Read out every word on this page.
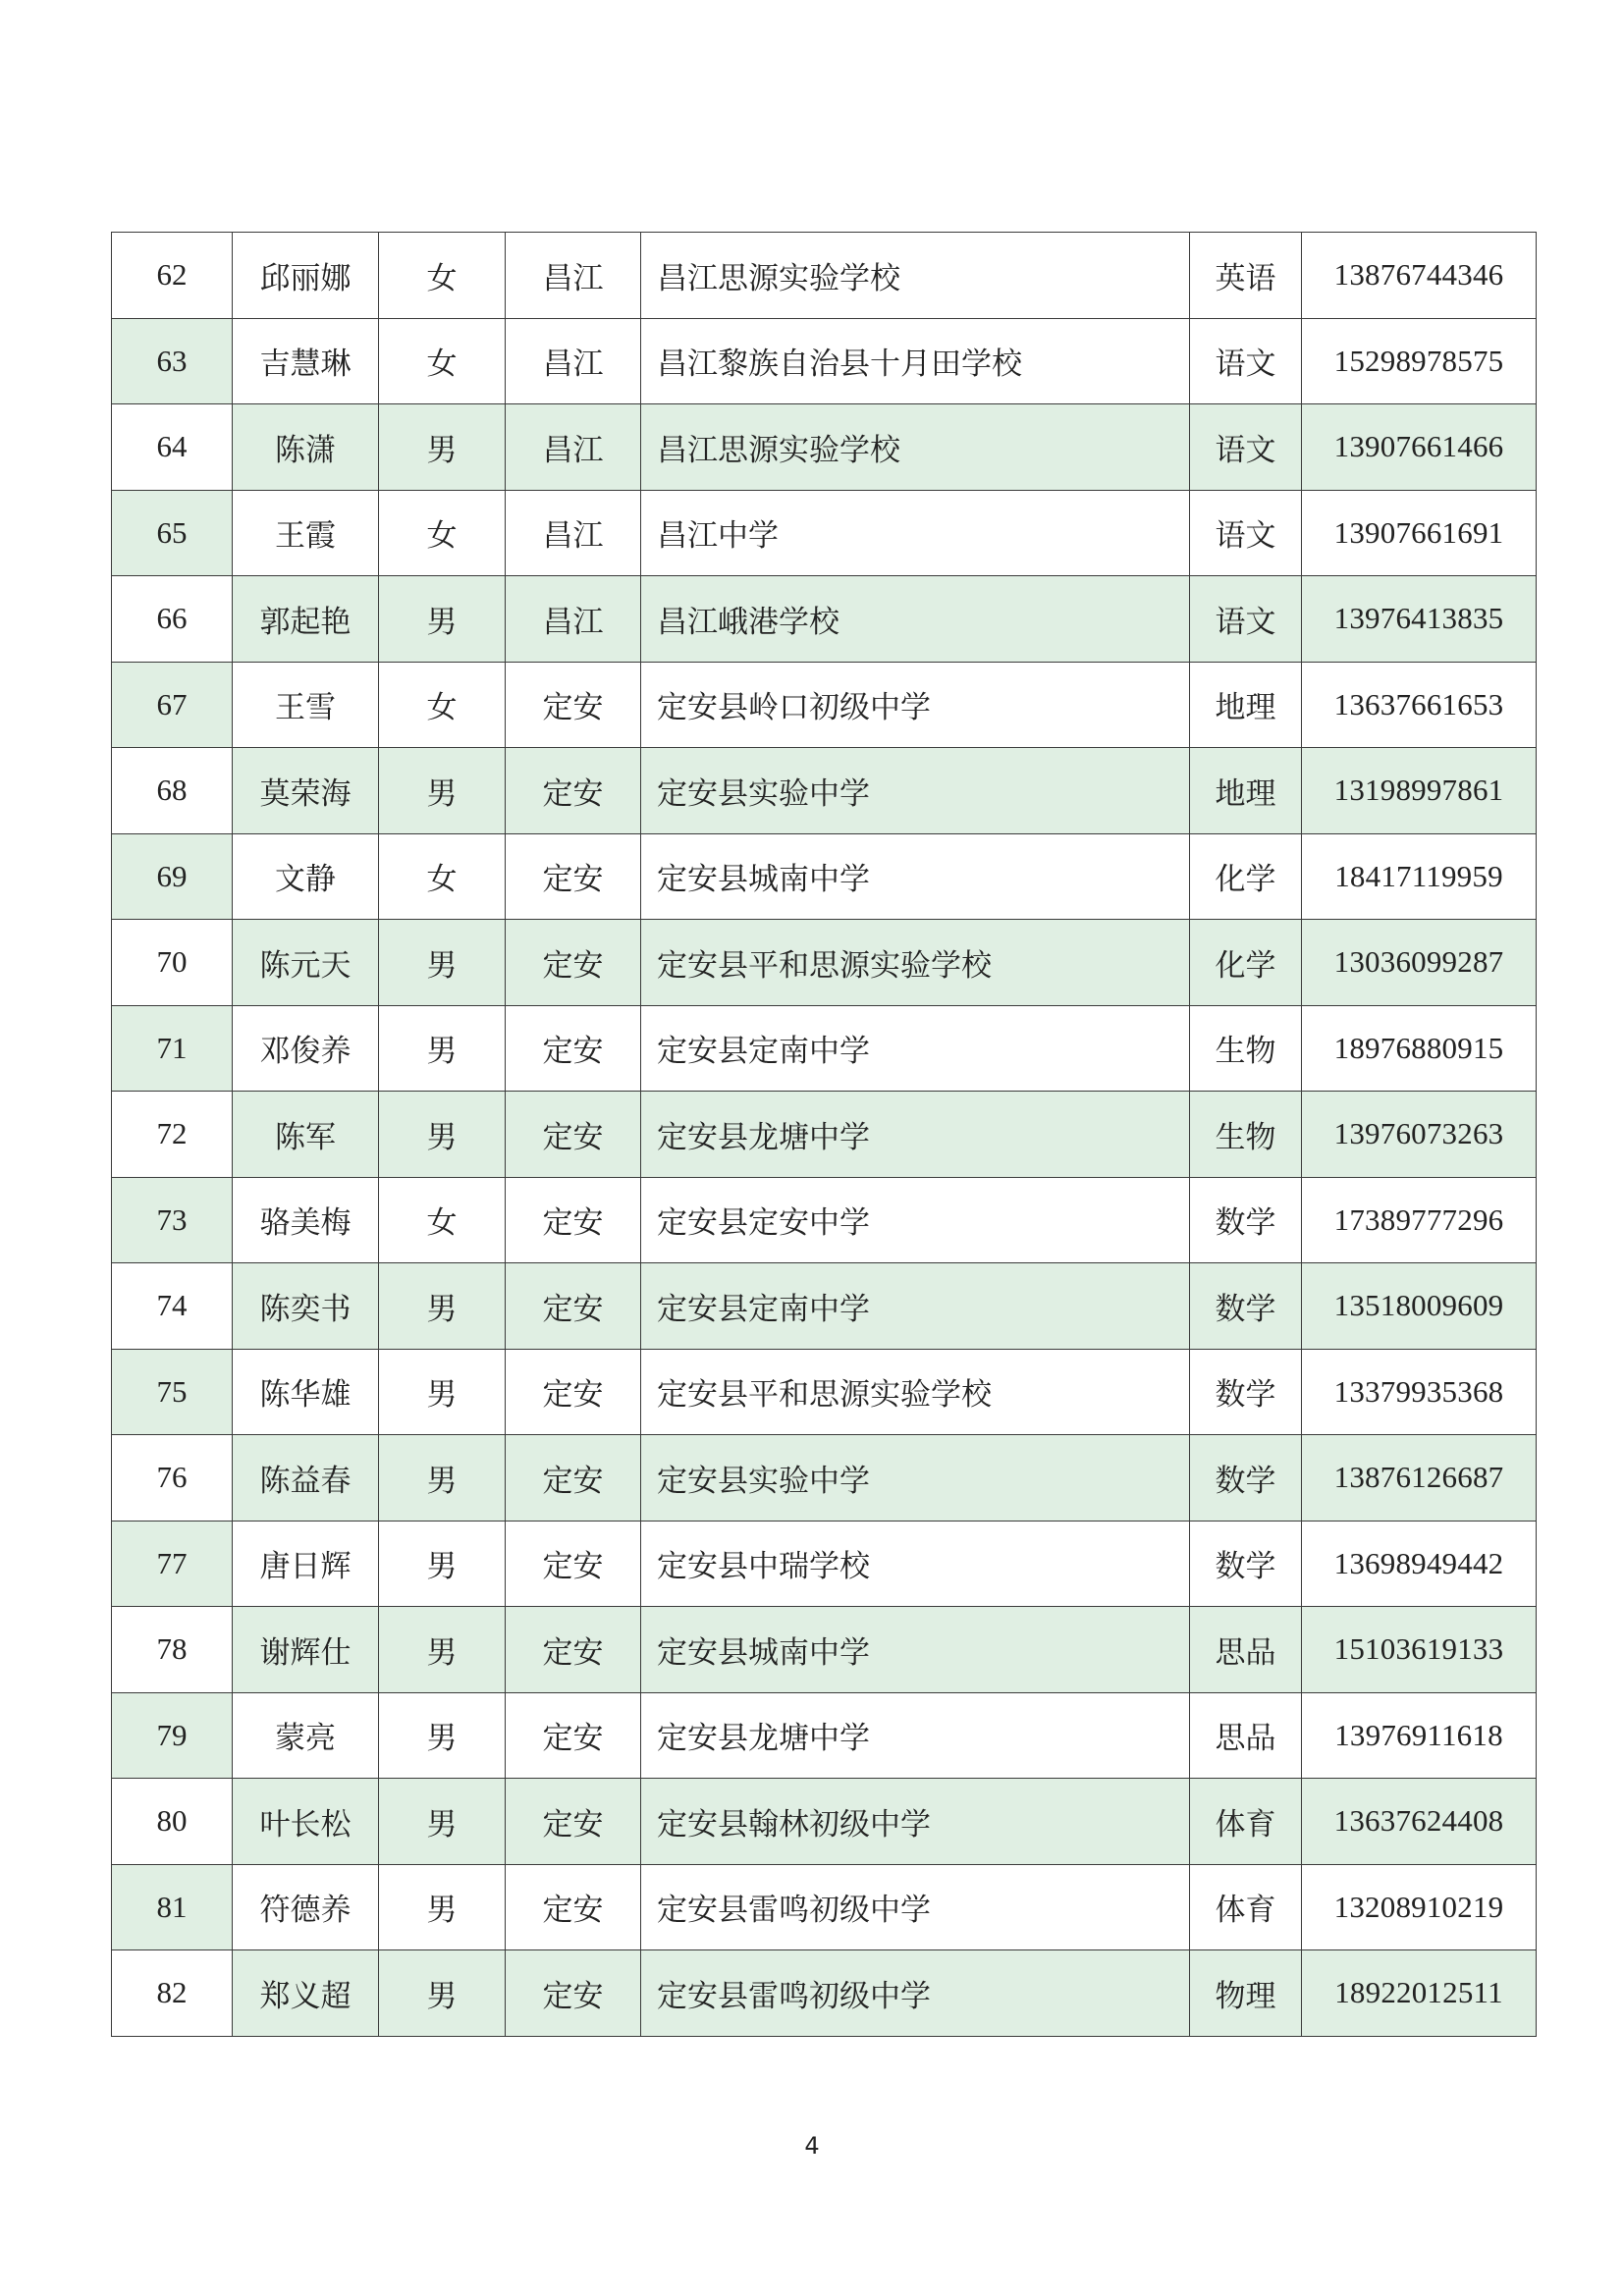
62	邱丽娜	女	昌江	昌江思源实验学校	英语	13876744346
63	吉慧琳	女	昌江	昌江黎族自治县十月田学校	语文	15298978575
64	陈潇	男	昌江	昌江思源实验学校	语文	13907661466
65	王霞	女	昌江	昌江中学	语文	13907661691
66	郭起艳	男	昌江	昌江峨港学校	语文	13976413835
67	王雪	女	定安	定安县岭口初级中学	地理	13637661653
68	莫荣海	男	定安	定安县实验中学	地理	13198997861
69	文静	女	定安	定安县城南中学	化学	18417119959
70	陈元天	男	定安	定安县平和思源实验学校	化学	13036099287
71	邓俊养	男	定安	定安县定南中学	生物	18976880915
72	陈军	男	定安	定安县龙塘中学	生物	13976073263
73	骆美梅	女	定安	定安县定安中学	数学	17389777296
74	陈奕书	男	定安	定安县定南中学	数学	13518009609
75	陈华雄	男	定安	定安县平和思源实验学校	数学	13379935368
76	陈益春	男	定安	定安县实验中学	数学	13876126687
77	唐日辉	男	定安	定安县中瑞学校	数学	13698949442
78	谢辉仕	男	定安	定安县城南中学	思品	15103619133
79	蒙亮	男	定安	定安县龙塘中学	思品	13976911618
80	叶长松	男	定安	定安县翰林初级中学	体育	13637624408
81	符德养	男	定安	定安县雷鸣初级中学	体育	13208910219
82	郑义超	男	定安	定安县雷鸣初级中学	物理	18922012511
4
